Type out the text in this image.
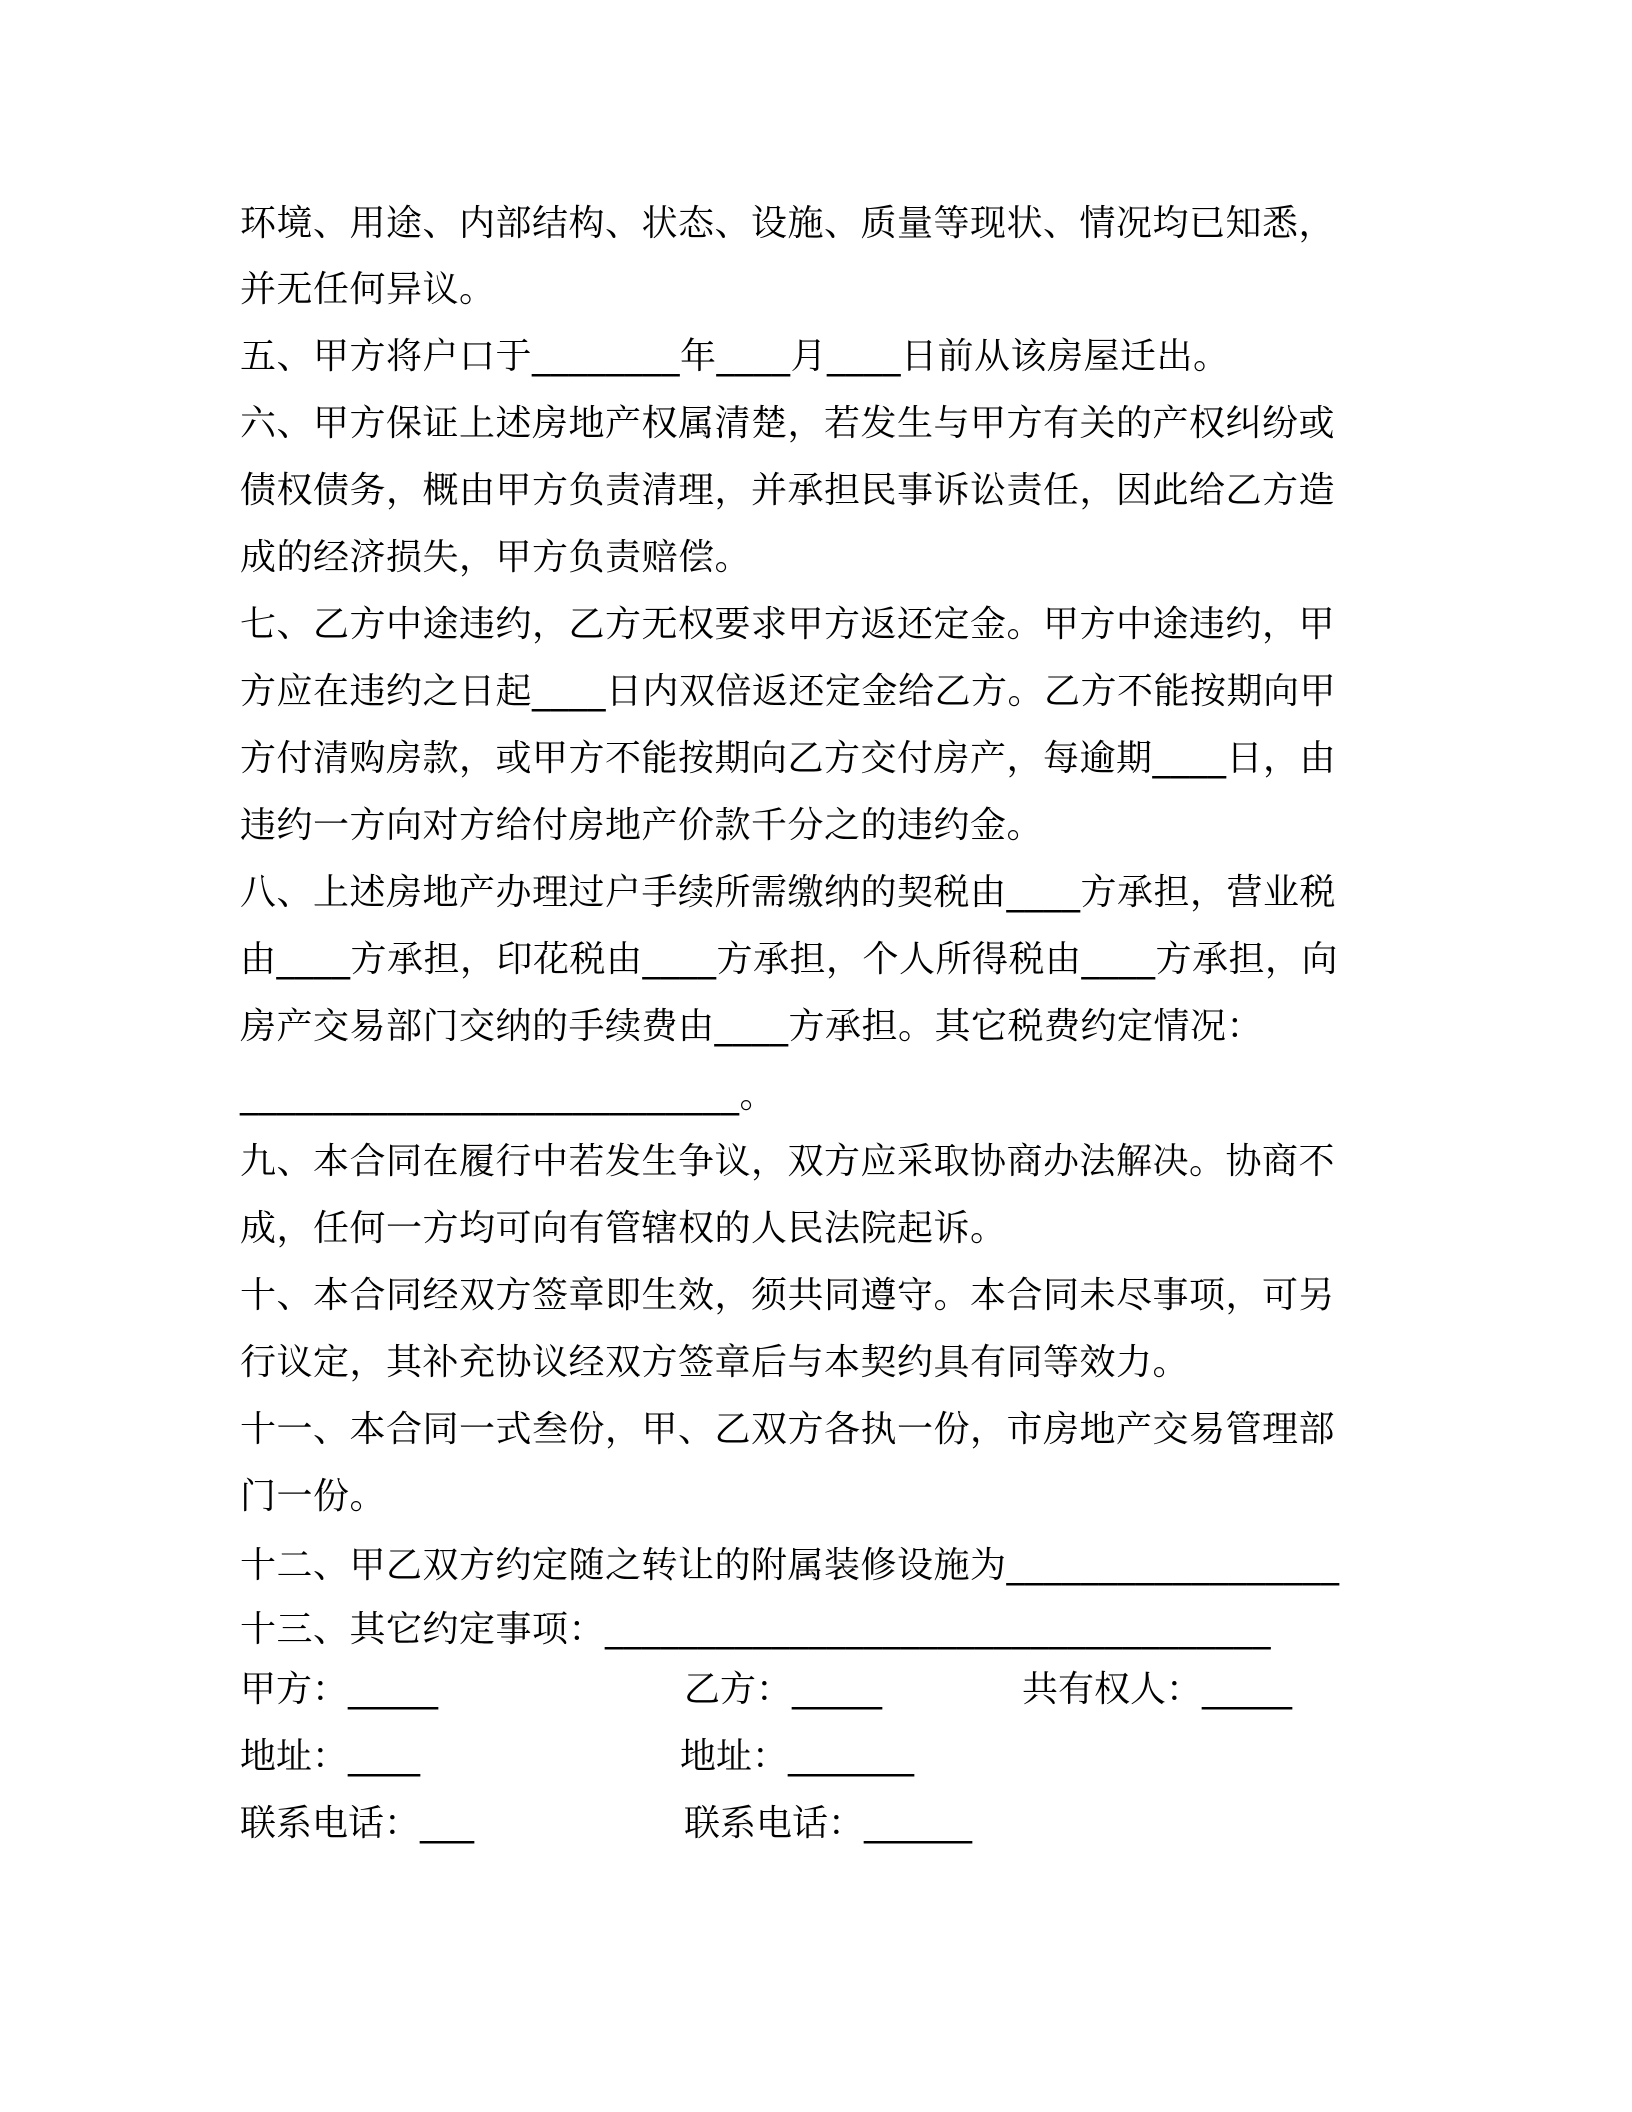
环境、用途、内部结构、状态、设施、质量等现状、情况均已知悉，
并无任何异议。
五、甲方将户口于________年____月____日前从该房屋迁出。
六、甲方保证上述房地产权属清楚，若发生与甲方有关的产权纠纷或
债权债务，概由甲方负责清理，并承担民事诉讼责任，因此给乙方造
成的经济损失，甲方负责赔偿。
七、乙方中途违约，乙方无权要求甲方返还定金。甲方中途违约，甲
方应在违约之日起____日内双倍返还定金给乙方。乙方不能按期向甲
方付清购房款，或甲方不能按期向乙方交付房产，每逾期____日，由
违约一方向对方给付房地产价款千分之的违约金。
八、上述房地产办理过户手续所需缴纳的契税由____方承担，营业税
由____方承担，印花税由____方承担，个人所得税由____方承担，向
房产交易部门交纳的手续费由____方承担。其它税费约定情况：
___________________________。
九、本合同在履行中若发生争议，双方应采取协商办法解决。协商不
成，任何一方均可向有管辖权的人民法院起诉。
十、本合同经双方签章即生效，须共同遵守。本合同未尽事项，可另
行议定，其补充协议经双方签章后与本契约具有同等效力。
十一、本合同一式叁份，甲、乙双方各执一份，市房地产交易管理部
门一份。
十二、甲乙双方约定随之转让的附属装修设施为__________________
十三、其它约定事项：____________________________________
甲方：_____	乙方：_____	共有权人：_____
地址：____	地址：_______
联系电话：___	联系电话：______
